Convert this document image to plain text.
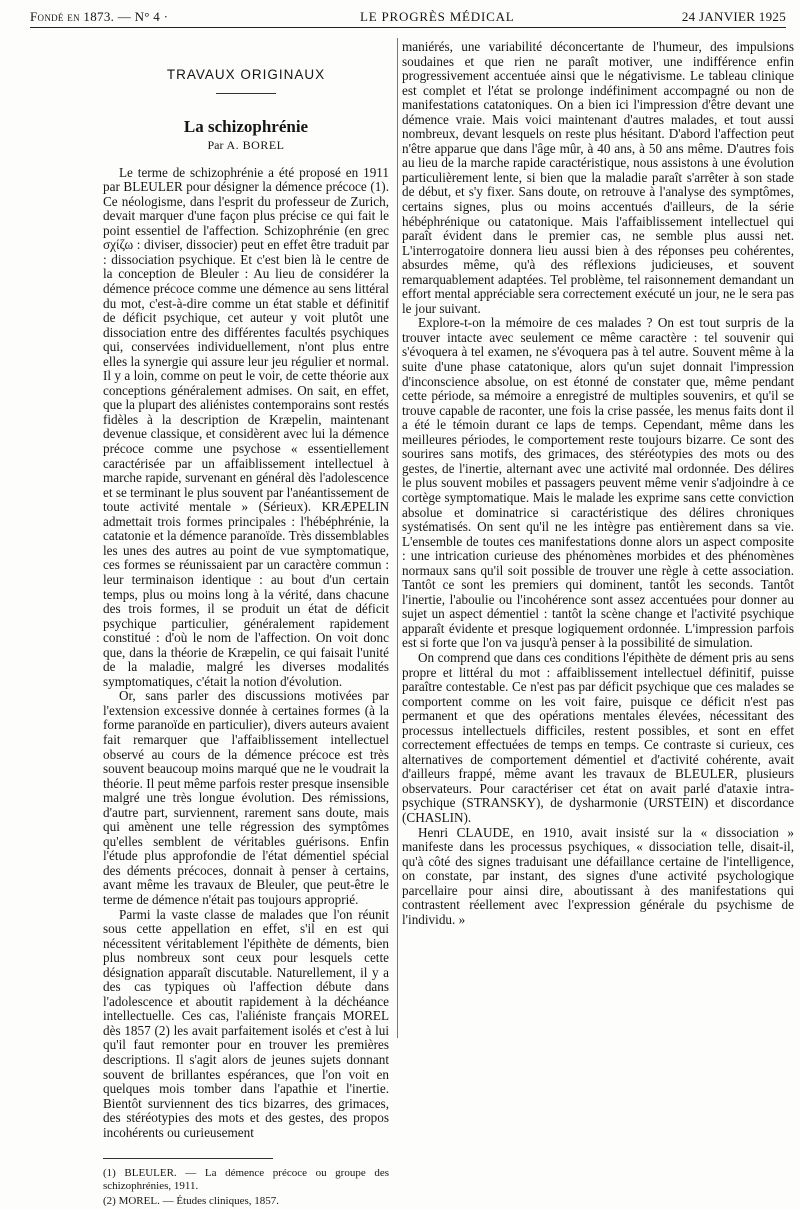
Fondé en 1873. — N° 4 ·	LE PROGRÈS MÉDICAL	24 JANVIER 1925
TRAVAUX ORIGINAUX
La schizophrénie
Par A. BOREL

Le terme de schizophrénie a été proposé en 1911 par BLEULER pour désigner la démence précoce (1). Ce néologisme, dans l'esprit du professeur de Zurich, devait marquer d'une façon plus précise ce qui fait le point essentiel de l'affection. Schizophrénie (en grec σχίζω : diviser, dissocier) peut en effet être traduit par : dissociation psychique. Et c'est bien là le centre de la conception de Bleuler : Au lieu de considérer la démence précoce comme une démence au sens littéral du mot, c'est-à-dire comme un état stable et définitif de déficit psychique, cet auteur y voit plutôt une dissociation entre des différentes facultés psychiques qui, conservées individuellement, n'ont plus entre elles la synergie qui assure leur jeu régulier et normal. Il y a loin, comme on peut le voir, de cette théorie aux conceptions généralement admises. On sait, en effet, que la plupart des aliénistes contemporains sont restés fidèles à la description de Kræpelin, maintenant devenue classique, et considèrent avec lui la démence précoce comme une psychose « essentiellement caractérisée par un affaiblissement intellectuel à marche rapide, survenant en général dès l'adolescence et se terminant le plus souvent par l'anéantissement de toute activité mentale » (Sérieux). KRÆPELIN admettait trois formes principales : l'hébéphrénie, la catatonie et la démence paranoïde. Très dissemblables les unes des autres au point de vue symptomatique, ces formes se réunissaient par un caractère commun : leur terminaison identique : au bout d'un certain temps, plus ou moins long à la vérité, dans chacune des trois formes, il se produit un état de déficit psychique particulier, généralement rapidement constitué : d'où le nom de l'affection. On voit donc que, dans la théorie de Kræpelin, ce qui faisait l'unité de la maladie, malgré les diverses modalités symptomatiques, c'était la notion d'évolution.

Or, sans parler des discussions motivées par l'extension excessive donnée à certaines formes (à la forme paranoïde en particulier), divers auteurs avaient fait remarquer que l'affaiblissement intellectuel observé au cours de la démence précoce est très souvent beaucoup moins marqué que ne le voudrait la théorie. Il peut même parfois rester presque insensible malgré une très longue évolution. Des rémissions, d'autre part, surviennent, rarement sans doute, mais qui amènent une telle régression des symptômes qu'elles semblent de véritables guérisons. Enfin l'étude plus approfondie de l'état démentiel spécial des déments précoces, donnait à penser à certains, avant même les travaux de Bleuler, que peut-être le terme de démence n'était pas toujours approprié.

Parmi la vaste classe de malades que l'on réunit sous cette appellation en effet, s'il en est qui nécessitent véritablement l'épithète de déments, bien plus nombreux sont ceux pour lesquels cette désignation apparaît discutable. Naturellement, il y a des cas typiques où l'affection débute dans l'adolescence et aboutit rapidement à la déchéance intellectuelle. Ces cas, l'aliéniste français MOREL dès 1857 (2) les avait parfaitement isolés et c'est à lui qu'il faut remonter pour en trouver les premières descriptions. Il s'agit alors de jeunes sujets donnant souvent de brillantes espérances, que l'on voit en quelques mois tomber dans l'apathie et l'inertie. Bientôt surviennent des tics bizarres, des grimaces, des stéréotypies des mots et des gestes, des propos incohérents ou curieusement

(1) BLEULER. — La démence précoce ou groupe des schizophrénies, 1911.
(2) MOREL. — Études cliniques, 1857.

maniérés, une variabilité déconcertante de l'humeur, des impulsions soudaines et que rien ne paraît motiver, une indifférence enfin progressivement accentuée ainsi que le négativisme. Le tableau clinique est complet et l'état se prolonge indéfiniment accompagné ou non de manifestations catatoniques. On a bien ici l'impression d'être devant une démence vraie. Mais voici maintenant d'autres malades, et tout aussi nombreux, devant lesquels on reste plus hésitant. D'abord l'affection peut n'être apparue que dans l'âge mûr, à 40 ans, à 50 ans même. D'autres fois au lieu de la marche rapide caractéristique, nous assistons à une évolution particulièrement lente, si bien que la maladie paraît s'arrêter à son stade de début, et s'y fixer. Sans doute, on retrouve à l'analyse des symptômes, certains signes, plus ou moins accentués d'ailleurs, de la série hébéphrénique ou catatonique. Mais l'affaiblissement intellectuel qui paraît évident dans le premier cas, ne semble plus aussi net. L'interrogatoire donnera lieu aussi bien à des réponses peu cohérentes, absurdes même, qu'à des réflexions judicieuses, et souvent remarquablement adaptées. Tel problème, tel raisonnement demandant un effort mental appréciable sera correctement exécuté un jour, ne le sera pas le jour suivant.

Explore-t-on la mémoire de ces malades ? On est tout surpris de la trouver intacte avec seulement ce même caractère : tel souvenir qui s'évoquera à tel examen, ne s'évoquera pas à tel autre. Souvent même à la suite d'une phase catatonique, alors qu'un sujet donnait l'impression d'inconscience absolue, on est étonné de constater que, même pendant cette période, sa mémoire a enregistré de multiples souvenirs, et qu'il se trouve capable de raconter, une fois la crise passée, les menus faits dont il a été le témoin durant ce laps de temps. Cependant, même dans les meilleures périodes, le comportement reste toujours bizarre. Ce sont des sourires sans motifs, des grimaces, des stéréotypies des mots ou des gestes, de l'inertie, alternant avec une activité mal ordonnée. Des délires le plus souvent mobiles et passagers peuvent même venir s'adjoindre à ce cortège symptomatique. Mais le malade les exprime sans cette conviction absolue et dominatrice si caractéristique des délires chroniques systématisés. On sent qu'il ne les intègre pas entièrement dans sa vie. L'ensemble de toutes ces manifestations donne alors un aspect composite : une intrication curieuse des phénomènes morbides et des phénomènes normaux sans qu'il soit possible de trouver une règle à cette association. Tantôt ce sont les premiers qui dominent, tantôt les seconds. Tantôt l'inertie, l'aboulie ou l'incohérence sont assez accentuées pour donner au sujet un aspect démentiel : tantôt la scène change et l'activité psychique apparaît évidente et presque logiquement ordonnée. L'impression parfois est si forte que l'on va jusqu'à penser à la possibilité de simulation.

On comprend que dans ces conditions l'épithète de dément pris au sens propre et littéral du mot : affaiblissement intellectuel définitif, puisse paraître contestable. Ce n'est pas par déficit psychique que ces malades se comportent comme on les voit faire, puisque ce déficit n'est pas permanent et que des opérations mentales élevées, nécessitant des processus intellectuels difficiles, restent possibles, et sont en effet correctement effectuées de temps en temps. Ce contraste si curieux, ces alternatives de comportement démentiel et d'activité cohérente, avait d'ailleurs frappé, même avant les travaux de BLEULER, plusieurs observateurs. Pour caractériser cet état on avait parlé d'ataxie intra-psychique (STRANSKY), de dysharmonie (URSTEIN) et discordance (CHASLIN).

Henri CLAUDE, en 1910, avait insisté sur la « dissociation » manifeste dans les processus psychiques, « dissociation telle, disait-il, qu'à côté des signes traduisant une défaillance certaine de l'intelligence, on constate, par instant, des signes d'une activité psychologique parcellaire pour ainsi dire, aboutissant à des manifestations qui contrastent réellement avec l'expression générale du psychisme de l'individu. »
